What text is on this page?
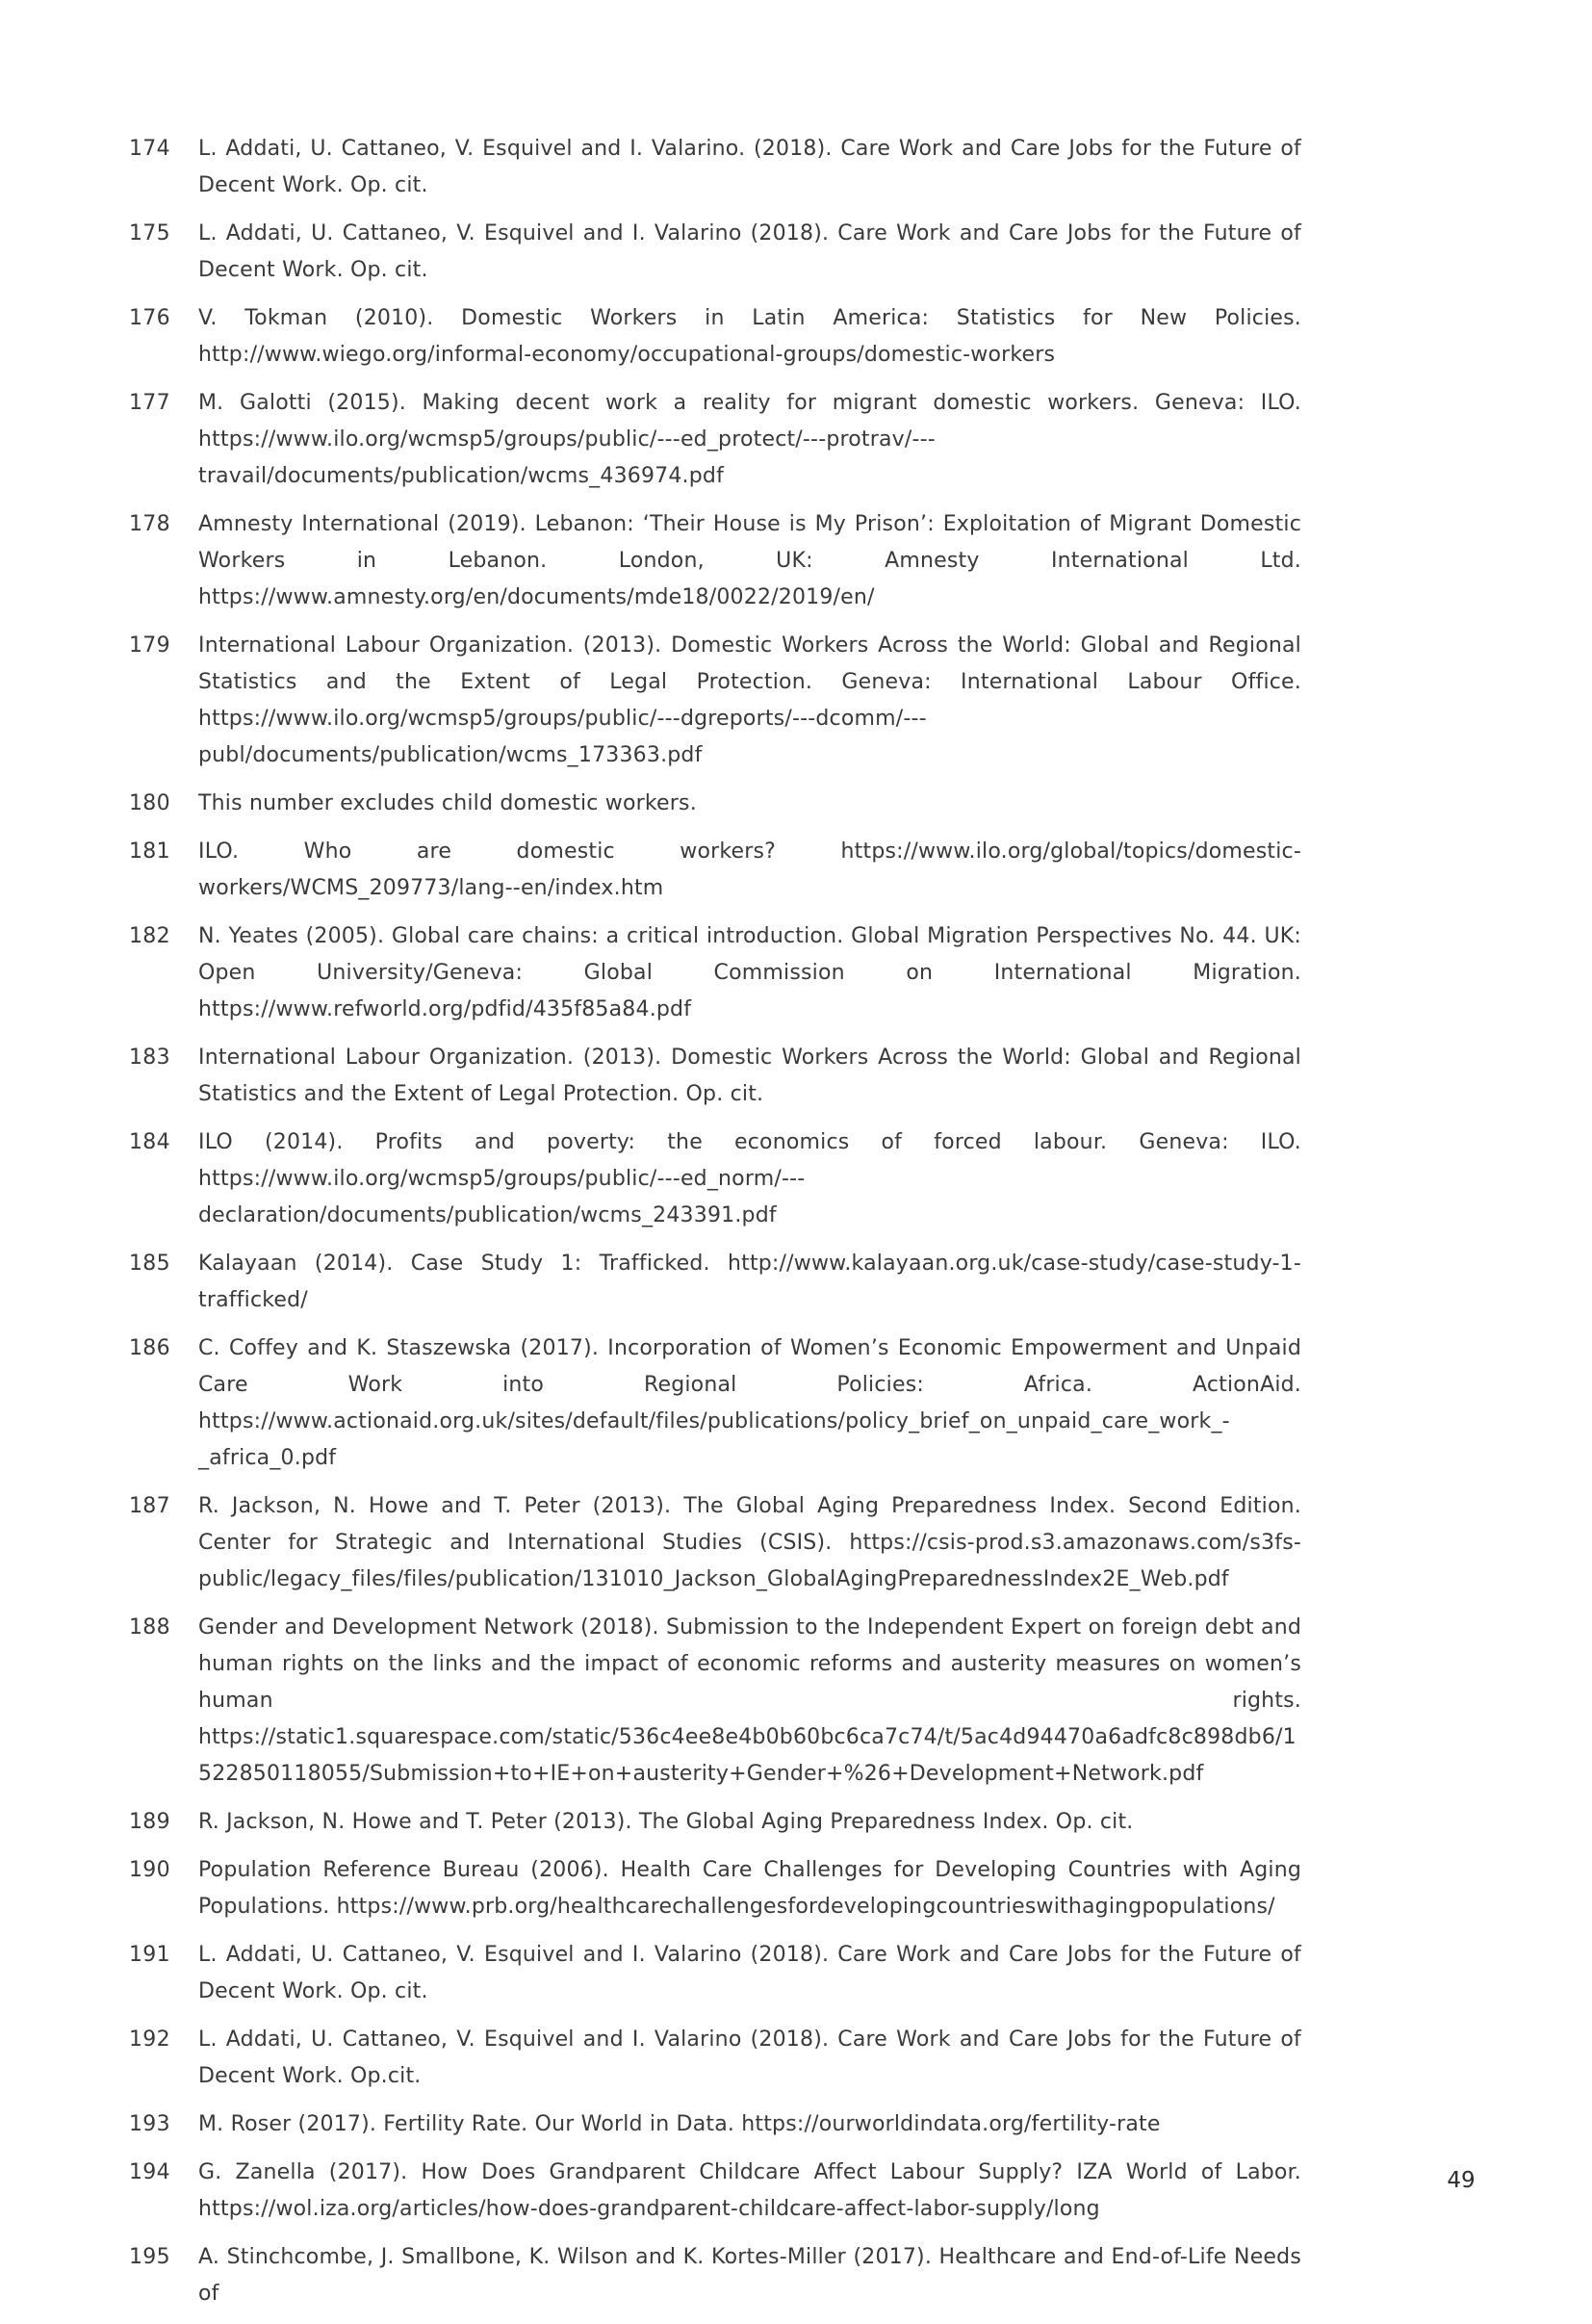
174	L. Addati, U. Cattaneo, V. Esquivel and I. Valarino. (2018). Care Work and Care Jobs for the Future of Decent Work. Op. cit.
175	L. Addati, U. Cattaneo, V. Esquivel and I. Valarino (2018). Care Work and Care Jobs for the Future of Decent Work. Op. cit.
176	V. Tokman (2010). Domestic Workers in Latin America: Statistics for New Policies. http://www.wiego.org/informal-economy/occupational-groups/domestic-workers
177	M. Galotti (2015). Making decent work a reality for migrant domestic workers. Geneva: ILO. https://www.ilo.org/wcmsp5/groups/public/---ed_protect/---protrav/---travail/documents/publication/wcms_436974.pdf
178	Amnesty International (2019). Lebanon: ‘Their House is My Prison’: Exploitation of Migrant Domestic Workers in Lebanon. London, UK: Amnesty International Ltd. https://www.amnesty.org/en/documents/mde18/0022/2019/en/
179	International Labour Organization. (2013). Domestic Workers Across the World: Global and Regional Statistics and the Extent of Legal Protection. Geneva: International Labour Office. https://www.ilo.org/wcmsp5/groups/public/---dgreports/---dcomm/---publ/documents/publication/wcms_173363.pdf
180	This number excludes child domestic workers.
181	ILO. Who are domestic workers? https://www.ilo.org/global/topics/domestic-workers/WCMS_209773/lang--en/index.htm
182	N. Yeates (2005). Global care chains: a critical introduction. Global Migration Perspectives No. 44. UK: Open University/Geneva: Global Commission on International Migration. https://www.refworld.org/pdfid/435f85a84.pdf
183	International Labour Organization. (2013). Domestic Workers Across the World: Global and Regional Statistics and the Extent of Legal Protection. Op. cit.
184	ILO (2014). Profits and poverty: the economics of forced labour. Geneva: ILO. https://www.ilo.org/wcmsp5/groups/public/---ed_norm/---declaration/documents/publication/wcms_243391.pdf
185	Kalayaan (2014). Case Study 1: Trafficked. http://www.kalayaan.org.uk/case-study/case-study-1-trafficked/
186	C. Coffey and K. Staszewska (2017). Incorporation of Women’s Economic Empowerment and Unpaid Care Work into Regional Policies: Africa. ActionAid. https://www.actionaid.org.uk/sites/default/files/publications/policy_brief_on_unpaid_care_work_-_africa_0.pdf
187	R. Jackson, N. Howe and T. Peter (2013). The Global Aging Preparedness Index. Second Edition. Center for Strategic and International Studies (CSIS). https://csis-prod.s3.amazonaws.com/s3fs-public/legacy_files/files/publication/131010_Jackson_GlobalAgingPreparednessIndex2E_Web.pdf
188	Gender and Development Network (2018). Submission to the Independent Expert on foreign debt and human rights on the links and the impact of economic reforms and austerity measures on women’s human rights. https://static1.squarespace.com/static/536c4ee8e4b0b60bc6ca7c74/t/5ac4d94470a6adfc8c898db6/1522850118055/Submission+to+IE+on+austerity+Gender+%26+Development+Network.pdf
189	R. Jackson, N. Howe and T. Peter (2013). The Global Aging Preparedness Index. Op. cit.
190	Population Reference Bureau (2006). Health Care Challenges for Developing Countries with Aging Populations. https://www.prb.org/healthcarechallengesfordevelopingcountrieswithagingpopulations/
191	L. Addati, U. Cattaneo, V. Esquivel and I. Valarino (2018). Care Work and Care Jobs for the Future of Decent Work. Op. cit.
192	L. Addati, U. Cattaneo, V. Esquivel and I. Valarino (2018). Care Work and Care Jobs for the Future of Decent Work. Op.cit.
193	M. Roser (2017). Fertility Rate. Our World in Data. https://ourworldindata.org/fertility-rate
194	G. Zanella (2017). How Does Grandparent Childcare Affect Labour Supply? IZA World of Labor. https://wol.iza.org/articles/how-does-grandparent-childcare-affect-labor-supply/long
195	A. Stinchcombe, J. Smallbone, K. Wilson and K. Kortes-Miller (2017). Healthcare and End-of-Life Needs of
49
